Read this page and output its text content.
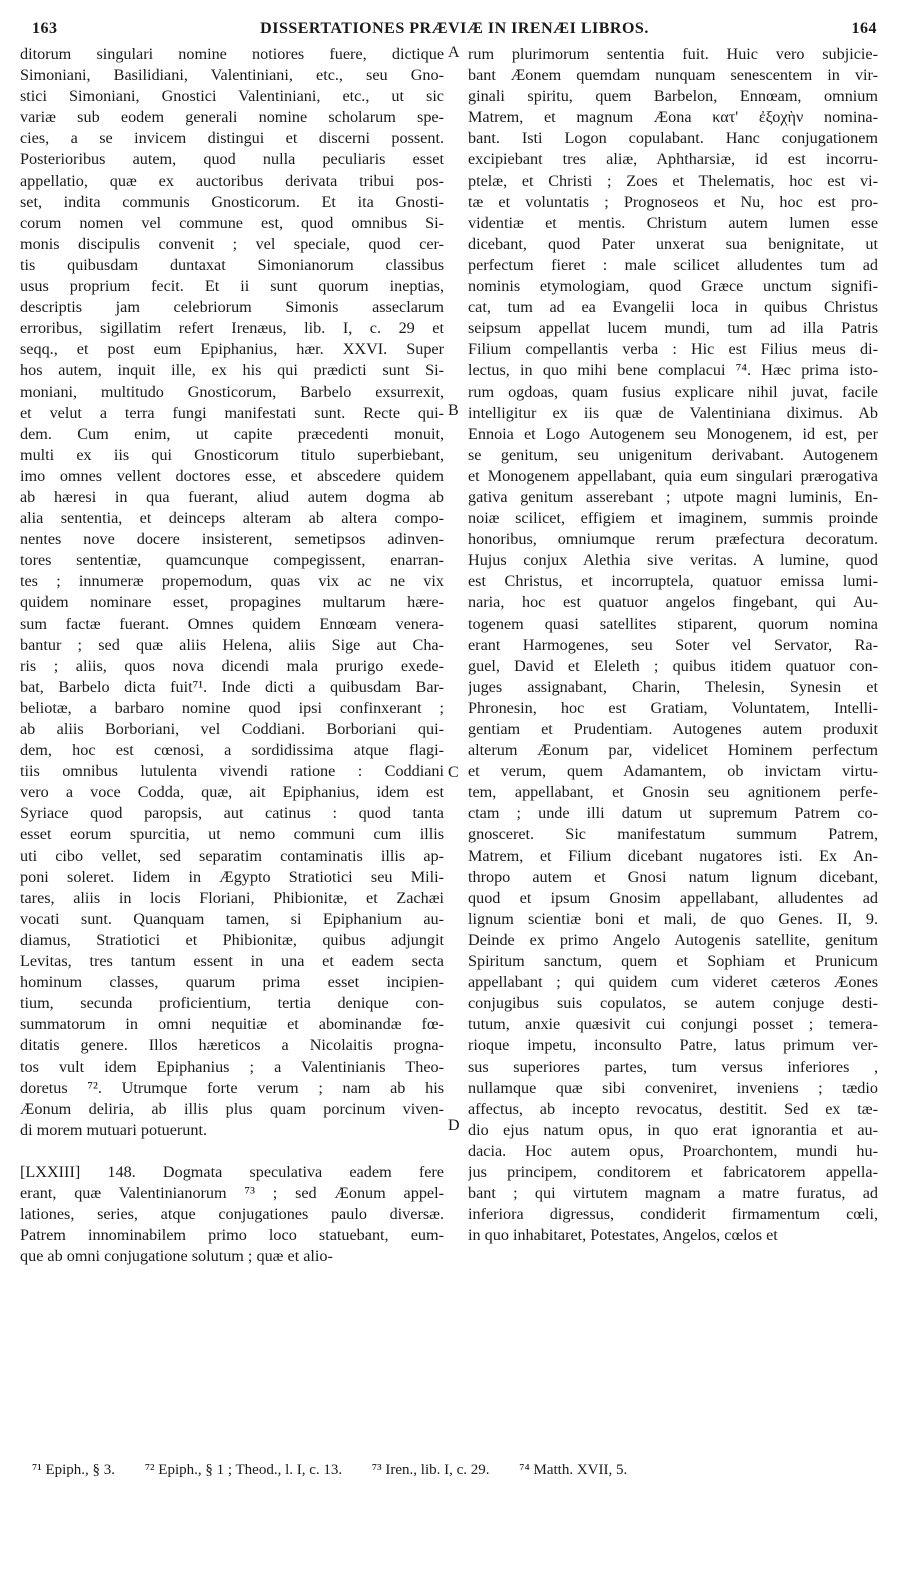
163	DISSERTATIONES PRÆVIÆ IN IRENÆI LIBROS.	164
ditorum singulari nomine notiores fuere, dictique
Simoniani, Basilidiani, Valentiniani, etc., seu Gno-
stici Simoniani, Gnostici Valentiniani, etc., ut sic
variæ sub eodem generali nomine scholarum spe-
cies, a se invicem distingui et discerni possent.
Posterioribus autem, quod nulla peculiaris esset
appellatio, quæ ex auctoribus derivata tribui pos-
set, indita communis Gnosticorum. Et ita Gnosti-
corum nomen vel commune est, quod omnibus Si-
monis discipulis convenit ; vel speciale, quod cer-
tis quibusdam duntaxat Simonianorum classibus
usus proprium fecit. Et ii sunt quorum ineptias,
descriptis jam celebriorum Simonis asseclarum
erroribus, sigillatim refert Irenæus, lib. I, c. 29 et
seqq., et post eum Epiphanius, hær. XXVI. Super
hos autem, inquit ille, ex his qui prædicti sunt Si-
moniani, multitudo Gnosticorum, Barbelo exsurrexit,
et velut a terra fungi manifestati sunt. Recte qui-
dem. Cum enim, ut capite præcedenti monuit,
multi ex iis qui Gnosticorum titulo superbiebant,
imo omnes vellent doctores esse, et abscedere quidem
ab hæresi in qua fuerant, aliud autem dogma ab
alia sententia, et deinceps alteram ab altera compo-
nentes nove docere insisterent, semetipsos adinven-
tores sententiæ, quamcunque compegissent, enarran-
tes ; innumeræ propemodum, quas vix ac ne vix
quidem nominare esset, propagines multarum hære-
sum factæ fuerant. Omnes quidem Ennœam venera-
bantur ; sed quæ aliis Helena, aliis Sige aut Cha-
ris ; aliis, quos nova dicendi mala prurigo exede-
bat, Barbelo dicta fuit⁷¹. Inde dicti a quibusdam Bar-
beliotæ, a barbaro nomine quod ipsi confinxerant ;
ab aliis Borboriani, vel Coddiani. Borboriani qui-
dem, hoc est cœnosi, a sordidissima atque flagi-
tiis omnibus lutulenta vivendi ratione : Coddiani
vero a voce Codda, quæ, ait Epiphanius, idem est
Syriace quod paropsis, aut catinus : quod tanta
esset eorum spurcitia, ut nemo communi cum illis
uti cibo vellet, sed separatim contaminatis illis ap-
poni soleret. Iidem in Ægypto Stratiotici seu Mili-
tares, aliis in locis Floriani, Phibionitæ, et Zachæi
vocati sunt. Quanquam tamen, si Epiphanium au-
diamus, Stratiotici et Phibionitæ, quibus adjungit
Levitas, tres tantum essent in una et eadem secta
hominum classes, quarum prima esset incipien-
tium, secunda proficientium, tertia denique con-
summatorum in omni nequitiæ et abominandæ fœ-
ditatis genere. Illos hæreticos a Nicolaitis progna-
tos vult idem Epiphanius ; a Valentinianis Theo-
doretus ⁷². Utrumque forte verum ; nam ab his
Æonum deliria, ab illis plus quam porcinum viven-
di morem mutuari potuerunt.

[LXXIII] 148. Dogmata speculativa eadem fere
erant, quæ Valentinianorum ⁷³ ; sed Æonum appel-
lationes, series, atque conjugationes paulo diversæ.
Patrem innominabilem primo loco statuebant, eum-
que ab omni conjugatione solutum ; quæ et alio-
rum plurimorum sententia fuit. Huic vero subjicie-
bant Æonem quemdam nunquam senescentem in vir-
ginali spiritu, quem Barbelon, Ennœam, omnium
Matrem, et magnum Æona κατ' ἐξοχὴν nomina-
bant. Isti Logon copulabant. Hanc conjugationem
excipiebant tres aliæ, Aphtharsiæ, id est incorru-
ptelæ, et Christi ; Zoes et Thelematis, hoc est vi-
tæ et voluntatis ; Prognoseos et Nu, hoc est pro-
videntiæ et mentis. Christum autem lumen esse
dicebant, quod Pater unxerat sua benignitate, ut
perfectum fieret : male scilicet alludentes tum ad
nominis etymologiam, quod Græce unctum signifi-
cat, tum ad ea Evangelii loca in quibus Christus
seipsum appellat lucem mundi, tum ad illa Patris
Filium compellantis verba : Hic est Filius meus di-
lectus, in quo mihi bene complacui ⁷⁴. Hæc prima isto-
rum ogdoas, quam fusius explicare nihil juvat, facile
intelligitur ex iis quæ de Valentiniana diximus. Ab
Ennoia et Logo Autogenem seu Monogenem, id est, per
se genitum, seu unigenitum derivabant. Autogenem
et Monogenem appellabant, quia eum singulari prærogativa
gativa genitum asserebant ; utpote magni luminis, En-
noiæ scilicet, effigiem et imaginem, summis proinde
honoribus, omniumque rerum præfectura decoratum.
Hujus conjux Alethia sive veritas. A lumine, quod
est Christus, et incorruptela, quatuor emissa lumi-
naria, hoc est quatuor angelos fingebant, qui Au-
togenem quasi satellites stiparent, quorum nomina
erant Harmogenes, seu Soter vel Servator, Ra-
guel, David et Eleleth ; quibus itidem quatuor con-
juges assignabant, Charin, Thelesin, Synesin et
Phronesin, hoc est Gratiam, Voluntatem, Intelli-
gentiam et Prudentiam. Autogenes autem produxit
alterum Æonum par, videlicet Hominem perfectum
et verum, quem Adamantem, ob invictam virtu-
tem, appellabant, et Gnosin seu agnitionem perfe-
ctam ; unde illi datum ut supremum Patrem co-
gnosceret. Sic manifestatum summum Patrem,
Matrem, et Filium dicebant nugatores isti. Ex An-
thropo autem et Gnosi natum lignum dicebant,
quod et ipsum Gnosim appellabant, alludentes ad
lignum scientiæ boni et mali, de quo Genes. II, 9.
Deinde ex primo Angelo Autogenis satellite, genitum
Spiritum sanctum, quem et Sophiam et Prunicum
appellabant ; qui quidem cum videret cæteros Æones
conjugibus suis copulatos, se autem conjuge desti-
tutum, anxie quæsivit cui conjungi posset ; temera-
rioque impetu, inconsulto Patre, latus primum ver-
sus superiores partes, tum versus inferiores ,
nullamque quæ sibi conveniret, inveniens ; tædio
affectus, ab incepto revocatus, destitit. Sed ex tæ-
dio ejus natum opus, in quo erat ignorantia et au-
dacia. Hoc autem opus, Proarchontem, mundi hu-
jus principem, conditorem et fabricatorem appella-
bant ; qui virtutem magnam a matre furatus, ad
inferiora digressus, condiderit firmamentum cœli,
in quo inhabitaret, Potestates, Angelos, cœlos et
A
B
C
D
⁷¹ Epiph., § 3. ⁷² Epiph., § 1 ; Theod., l. I, c. 13. ⁷³ Iren., lib. I, c. 29. ⁷⁴ Matth. XVII, 5.
